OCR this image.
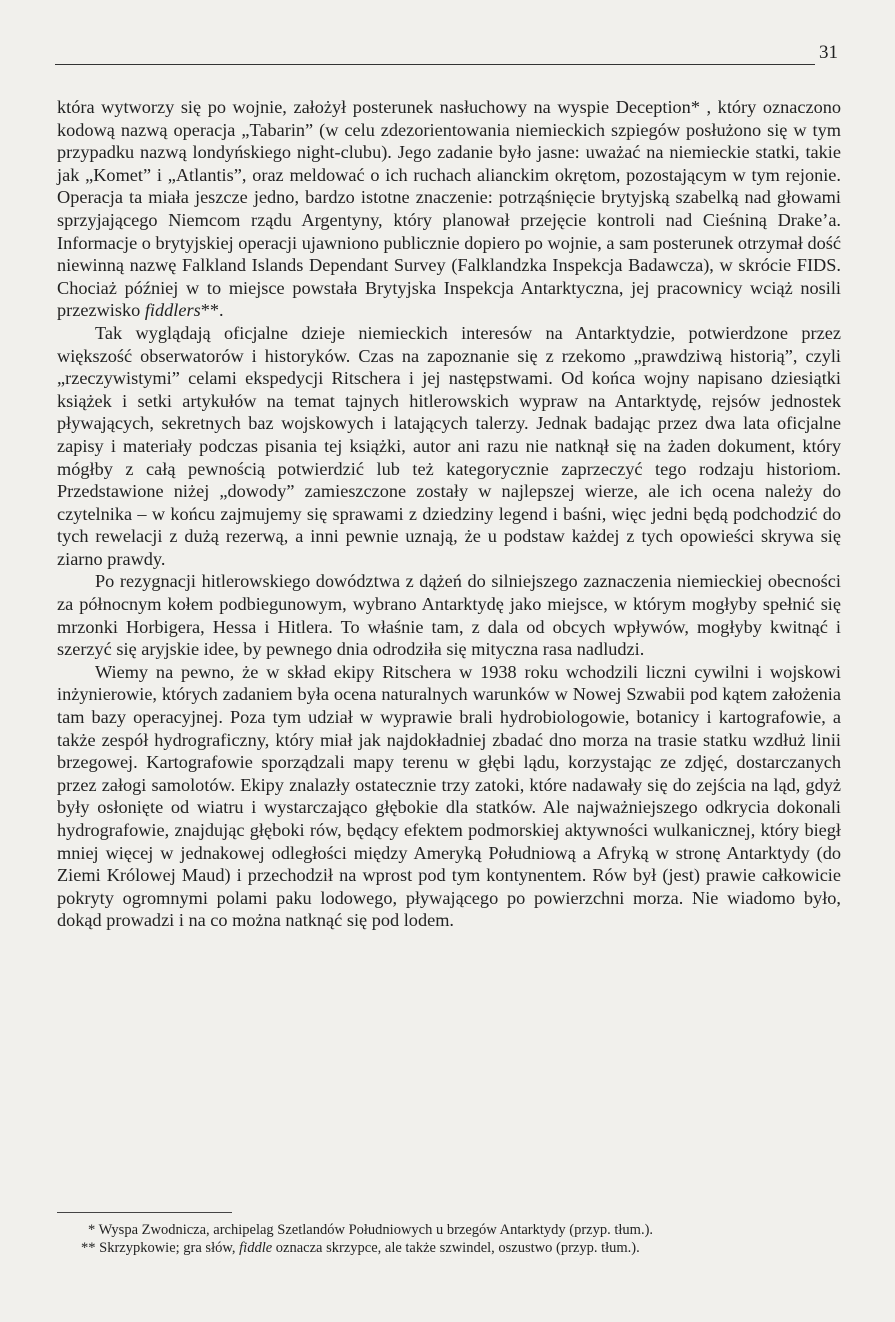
31

która wytworzy się po wojnie, założył posterunek nasłuchowy na wyspie Deception* , który oznaczono kodową nazwą operacja „Tabarin” (w celu zdezorientowania niemieckich szpiegów posłużono się w tym przypadku nazwą londyńskiego night-clubu). Jego zadanie było jasne: uważać na niemieckie statki, takie jak „Komet” i „Atlantis”, oraz meldować o ich ruchach alianckim okrętom, pozostającym w tym rejonie. Operacja ta miała jeszcze jedno, bardzo istotne znaczenie: potrząśnięcie brytyjską szabelką nad głowami sprzyjającego Niemcom rządu Argentyny, który planował przejęcie kontroli nad Cieśniną Drake’a. Informacje o brytyjskiej operacji ujawniono publicznie dopiero po wojnie, a sam posterunek otrzymał dość niewinną nazwę Falkland Islands Dependant Survey (Falklandzka Inspekcja Badawcza), w skrócie FIDS. Chociaż później w to miejsce powstała Brytyjska Inspekcja Antarktyczna, jej pracownicy wciąż nosili przezwisko fiddlers**.

Tak wyglądają oficjalne dzieje niemieckich interesów na Antarktydzie, potwierdzone przez większość obserwatorów i historyków. Czas na zapoznanie się z rzekomo „prawdziwą historią”, czyli „rzeczywistymi” celami ekspedycji Ritschera i jej następstwami. Od końca wojny napisano dziesiątki książek i setki artykułów na temat tajnych hitlerowskich wypraw na Antarktydę, rejsów jednostek pływających, sekretnych baz wojskowych i latających talerzy. Jednak badając przez dwa lata oficjalne zapisy i materiały podczas pisania tej książki, autor ani razu nie natknął się na żaden dokument, który mógłby z całą pewnością potwierdzić lub też kategorycznie zaprzeczyć tego rodzaju historiom. Przedstawione niżej „dowody” zamieszczone zostały w najlepszej wierze, ale ich ocena należy do czytelnika – w końcu zajmujemy się sprawami z dziedziny legend i baśni, więc jedni będą podchodzić do tych rewelacji z dużą rezerwą, a inni pewnie uznają, że u podstaw każdej z tych opowieści skrywa się ziarno prawdy.

Po rezygnacji hitlerowskiego dowództwa z dążeń do silniejszego zaznaczenia niemieckiej obecności za północnym kołem podbiegunowym, wybrano Antarktydę jako miejsce, w którym mogłyby spełnić się mrzonki Horbigera, Hessa i Hitlera. To właśnie tam, z dala od obcych wpływów, mogłyby kwitnąć i szerzyć się aryjskie idee, by pewnego dnia odrodziła się mityczna rasa nadludzi.

Wiemy na pewno, że w skład ekipy Ritschera w 1938 roku wchodzili liczni cywilni i wojskowi inżynierowie, których zadaniem była ocena naturalnych warunków w Nowej Szwabii pod kątem założenia tam bazy operacyjnej. Poza tym udział w wyprawie brali hydrobiologowie, botanicy i kartografowie, a także zespół hydrograficzny, który miał jak najdokładniej zbadać dno morza na trasie statku wzdłuż linii brzegowej. Kartografowie sporządzali mapy terenu w głębi lądu, korzystając ze zdjęć, dostarczanych przez załogi samolotów. Ekipy znalazły ostatecznie trzy zatoki, które nadawały się do zejścia na ląd, gdyż były osłonięte od wiatru i wystarczająco głębokie dla statków. Ale najważniejszego odkrycia dokonali hydrografowie, znajdując głęboki rów, będący efektem podmorskiej aktywności wulkanicznej, który biegł mniej więcej w jednakowej odległości między Ameryką Południową a Afryką w stronę Antarktydy (do Ziemi Królowej Maud) i przechodził na wprost pod tym kontynentem. Rów był (jest) prawie całkowicie pokryty ogromnymi polami paku lodowego, pływającego po powierzchni morza. Nie wiadomo było, dokąd prowadzi i na co można natknąć się pod lodem.

* Wyspa Zwodnicza, archipelag Szetlandów Południowych u brzegów Antarktydy (przyp. tłum.).

** Skrzypkowie; gra słów, fiddle oznacza skrzypce, ale także szwindel, oszustwo (przyp. tłum.).
